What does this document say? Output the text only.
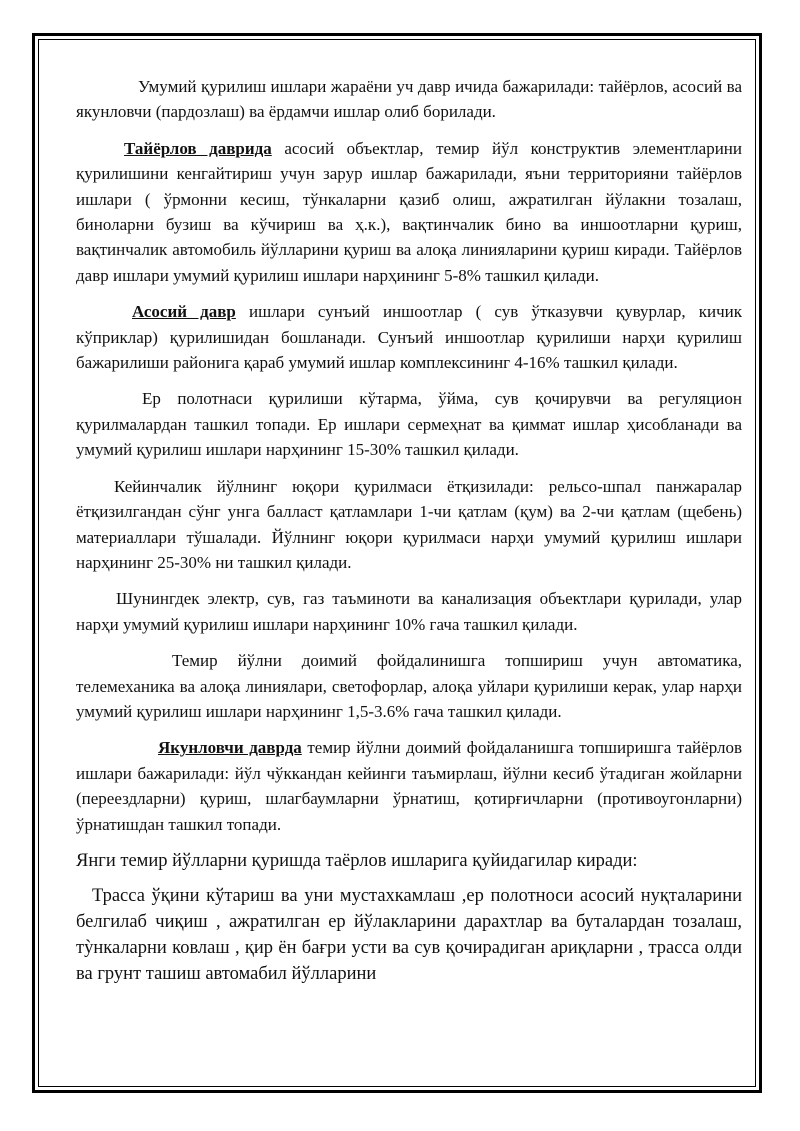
Умумий қурилиш ишлари жараёни уч давр ичида бажарилади: тайёрлов, асосий ва якунловчи (пардозлаш) ва ёрдамчи ишлар олиб борилади.

Тайёрлов даврида асосий объектлар, темир йўл конструктив элементларини қурилишини кенгайтириш учун зарур ишлар бажарилади, яъни территорияни тайёрлов ишлари ( ўрмонни кесиш, тўнкаларни қазиб олиш, ажратилган йўлакни тозалаш, биноларни бузиш ва кўчириш ва ҳ.к.), вақтинчалик бино ва иншоотларни қуриш, вақтинчалик автомобиль йўлларини қуриш ва алоқа линияларини қуриш киради. Тайёрлов давр ишлари умумий қурилиш ишлари нарҳининг 5-8% ташкил қилади.

Асосий давр ишлари сунъий иншоотлар ( сув ўтказувчи қувурлар, кичик кўприклар) қурилишидан бошланади. Сунъий иншоотлар қурилиши нарҳи қурилиш бажарилиши районига қараб умумий ишлар комплексининг 4-16% ташкил қилади.

Ер полотнаси қурилиши кўтарма, ўйма, сув қочирувчи ва регуляцион қурилмалардан ташкил топади. Ер ишлари сермеҳнат ва қиммат ишлар ҳисобланади ва умумий қурилиш ишлари нарҳининг 15-30% ташкил қилади.

Кейинчалик йўлнинг юқори қурилмаси ётқизилади: рельсо-шпал панжаралар ётқизилгандан сўнг унга балласт қатламлари 1-чи қатлам (қум) ва 2-чи қатлам (щебень) материаллари тўшалади. Йўлнинг юқори қурилмаси нарҳи умумий қурилиш ишлари нарҳининг 25-30% ни ташкил қилади.

Шунингдек электр, сув, газ таъминоти ва канализация объектлари қурилади, улар нарҳи умумий қурилиш ишлари нарҳининг 10% гача ташкил қилади.

Темир йўлни доимий фойдалинишга топшириш учун автоматика, телемеханика ва алоқа линиялари, светофорлар, алоқа уйлари қурилиши керак, улар нарҳи умумий қурилиш ишлари нарҳининг 1,5-3.6% гача ташкил қилади.

Якунловчи даврда темир йўлни доимий фойдаланишга топширишга тайёрлов ишлари бажарилади: йўл чўккандан кейинги таъмирлаш, йўлни кесиб ўтадиган жойларни (переездларни) қуриш, шлагбаумларни ўрнатиш, қотирғичларни (противоугонларни) ўрнатишдан ташкил топади.

Янги темир йўлларни қуришда таёрлов ишларига қуйидагилар киради:

Трасса ўқини кўтариш ва уни мустахкамлаш ,ер полотноси асосий нуқталарини белгилаб чиқиш , ажратилган ер йўлакларини дарахтлар ва буталардан тозалаш, тỳнкаларни ковлаш , қир ён бағри усти ва сув қочирадиган ариқларни , трасса олди ва грунт ташиш автомабил йўлларини
